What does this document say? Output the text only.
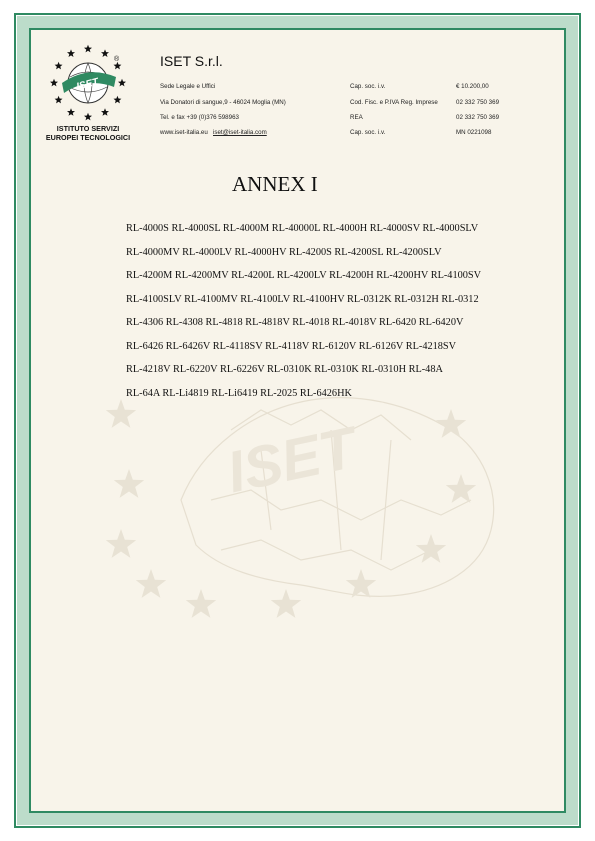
ISET
ISET
®
ISTITUTO SERVIZI
EUROPEI TECNOLOGICI
ISET S.r.l.
Sede Legale e Uffici
Via Donatori di sangue,9 - 46024 Moglia (MN)
Tel. e fax +39 (0)376 598963
www.iset-italia.eu iset@iset-italia.com
Cap. soc. i.v.
Cod. Fisc. e P.IVA Reg. Imprese
REA
Cap. soc. i.v.
€ 10.200,00
02 332 750 369
02 332 750 369
MN 0221098
ANNEX I
RL-4000S RL-4000SL RL-4000M RL-40000L RL-4000H RL-4000SV RL-4000SLV
RL-4000MV RL-4000LV RL-4000HV RL-4200S RL-4200SL RL-4200SLV
RL-4200M RL-4200MV RL-4200L RL-4200LV RL-4200H RL-4200HV RL-4100SV
RL-4100SLV RL-4100MV RL-4100LV RL-4100HV RL-0312K RL-0312H RL-0312
RL-4306 RL-4308 RL-4818 RL-4818V RL-4018 RL-4018V RL-6420 RL-6420V
RL-6426 RL-6426V RL-4118SV RL-4118V RL-6120V RL-6126V RL-4218SV
RL-4218V RL-6220V RL-6226V RL-0310K RL-0310K RL-0310H RL-48A
RL-64A RL-Li4819 RL-Li6419 RL-2025 RL-6426HK
